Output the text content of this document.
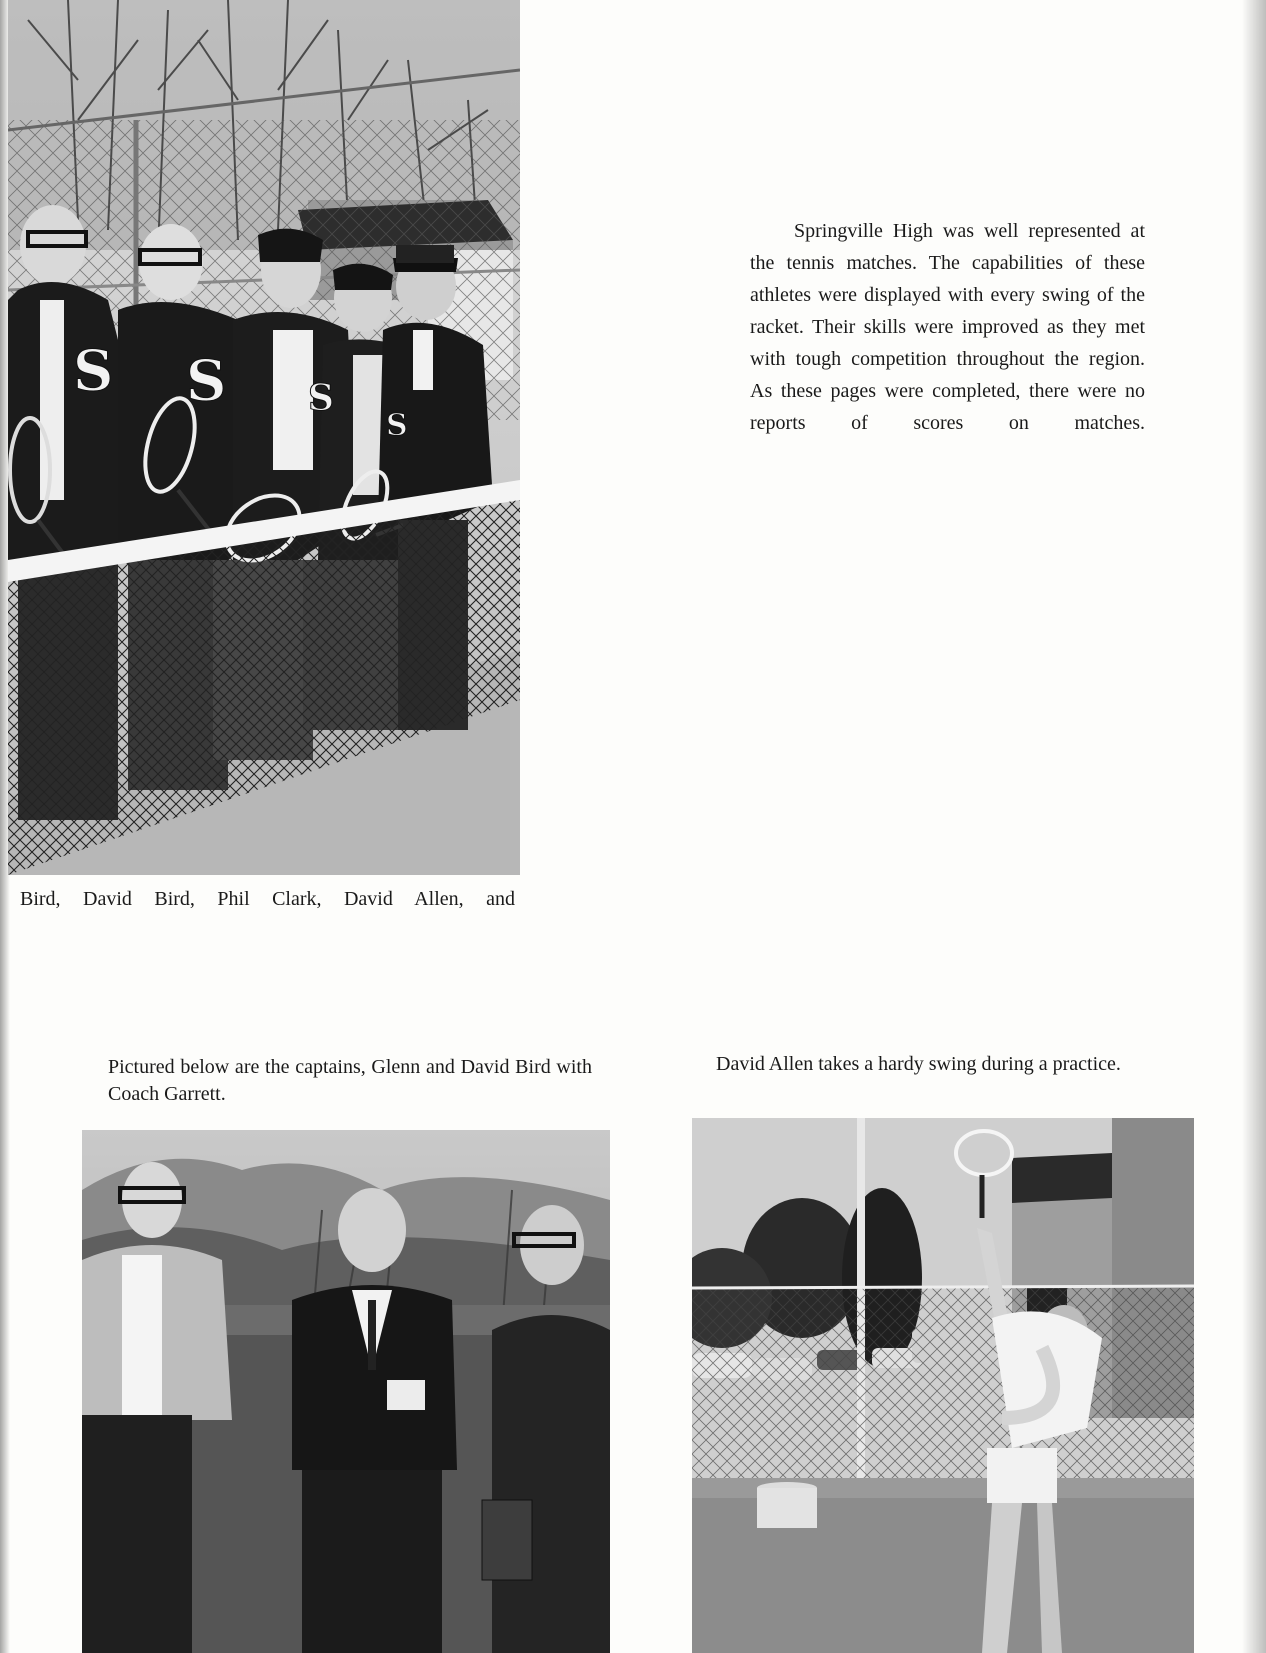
S S S
S
Springville High was well represented at the tennis matches. The capabilities of these athletes were displayed with every swing of the racket. Their skills were improved as they met with tough competition throughout the region. As these pages were completed, there were no reports of scores on matches.
Bird, David Bird, Phil Clark, David Allen, and
Pictured below are the captains, Glenn and David Bird with Coach Garrett.
David Allen takes a hardy swing during a practice.
